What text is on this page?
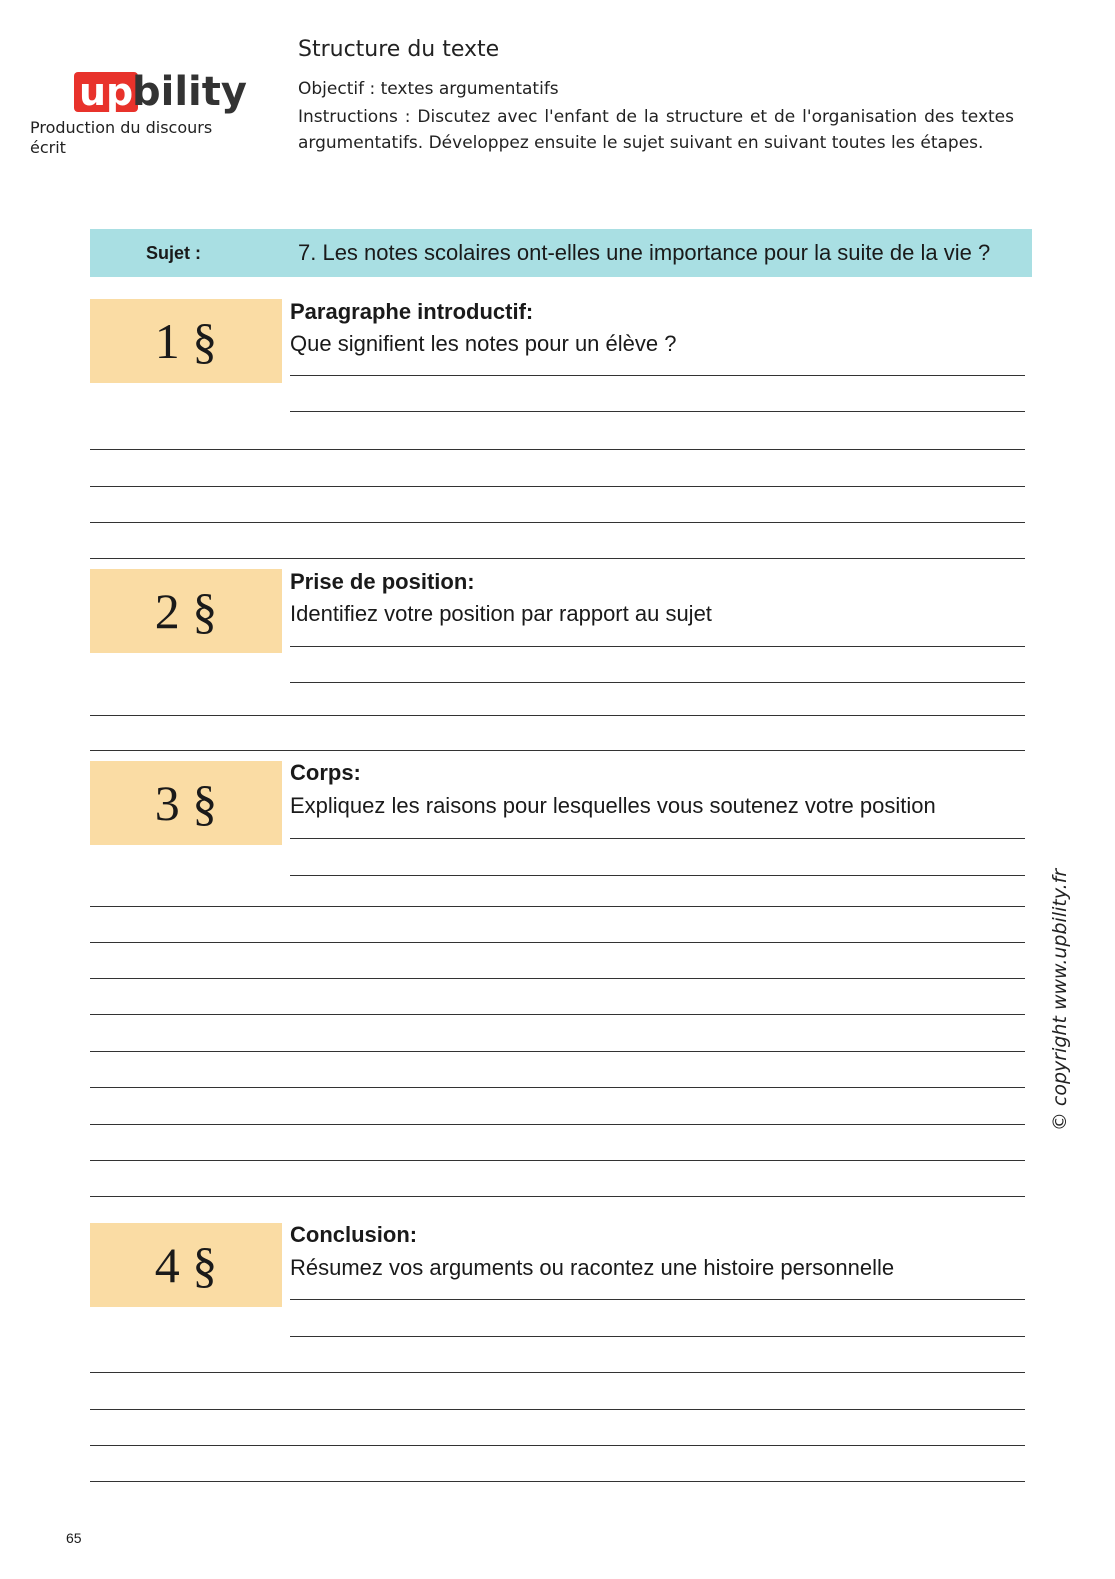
up
bility
Production du discours écrit
Structure du texte
Objectif : textes argumentatifs
Instructions : Discutez avec l'enfant de la structure et de l'organisation des textes argumentatifs. Développez ensuite le sujet suivant en suivant toutes les étapes.
Sujet :	7. Les notes scolaires ont-elles une importance pour la suite de la vie ?
1 §
Paragraphe introductif:
Que signifient les notes pour un élève ?
2 §
Prise de position:
Identifiez votre position par rapport au sujet
3 §
Corps:
Expliquez les raisons pour lesquelles vous soutenez votre position
4 §
Conclusion:
Résumez vos arguments ou racontez une histoire personnelle
© copyright www.upbility.fr
65
